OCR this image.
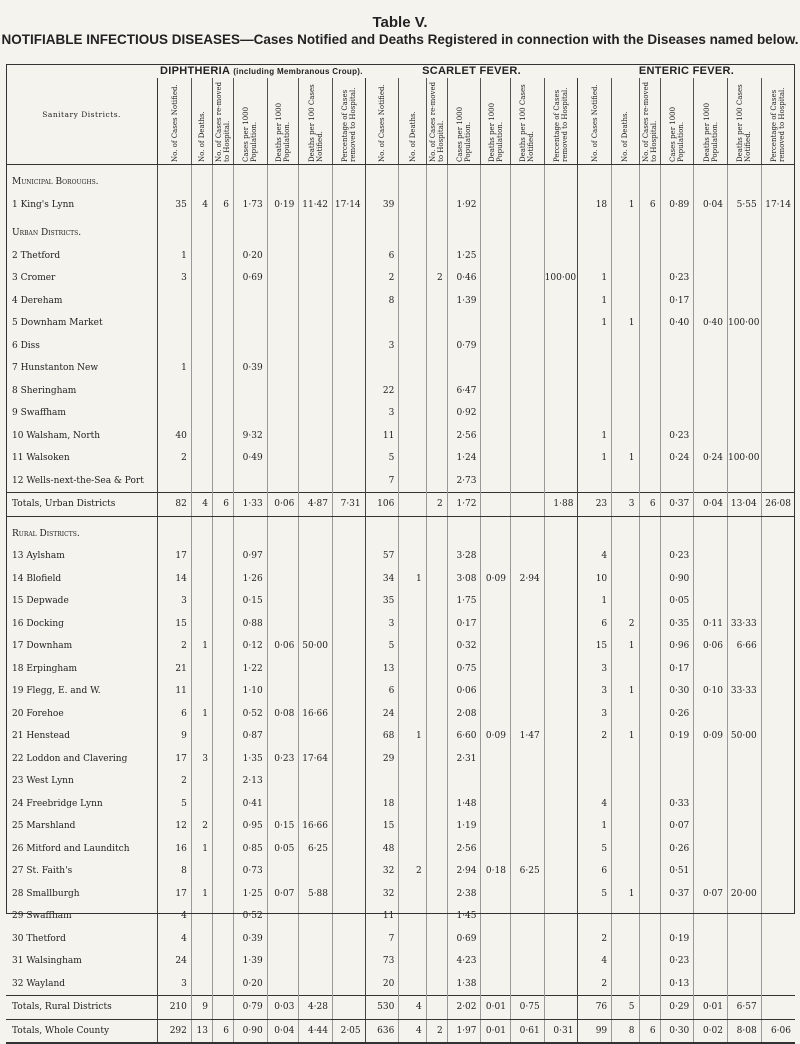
Table V.
NOTIFIABLE INFECTIOUS DISEASES—Cases Notified and Deaths Registered in connection with the Diseases named below.
Sanitary Districts.	DIPHTHERIA (including Membranous Croup).							SCARLET FEVER.							ENTERIC FEVER.						

	No. of Cases Notified.	No. of Deaths.	No. of Cases re-moved to Hospital.	Cases per 1000 Population.	Deaths per 1000 Population.	Deaths per 100 Cases Notified.	Percentage of Cases removed to Hospital.	No. of Cases Notified.	No. of Deaths.	No. of Cases re-moved to Hospital.	Cases per 1000 Population.	Deaths per 1000 Population.	Deaths per 100 Cases Notified.	Percentage of Cases removed to Hospital.	No. of Cases Notified.	No. of Deaths.	No. of Cases re-moved to Hospital.	Cases per 1000 Population.	Deaths per 1000 Population.	Deaths per 100 Cases Notified.	Percentage of Cases removed to Hospital.

Municipal Boroughs.																					
1 King's Lynn	35	4	6	1·73	0·19	11·42	17·14	39			1·92				18	1	6	0·89	0·04	5·55	17·14
Urban Districts.																					
2 Thetford	1			0·20				6			1·25										
3 Cromer	3			0·69				2		2	0·46			100·00	1			0·23			
4 Dereham								8			1·39				1			0·17			
5 Downham Market															1	1		0·40	0·40	100·00	
6 Diss								3			0·79										
7 Hunstanton New	1			0·39																	
8 Sheringham								22			6·47										
9 Swaffham								3			0·92										
10 Walsham, North	40			9·32				11			2·56				1			0·23			
11 Walsoken	2			0·49				5			1·24				1	1		0·24	0·24	100·00	
12 Wells-next-the-Sea & Port								7			2·73										
Totals, Urban Districts	82	4	6	1·33	0·06	4·87	7·31	106		2	1·72			1·88	23	3	6	0·37	0·04	13·04	26·08
Rural Districts.																					
13 Aylsham	17			0·97				57			3·28				4			0·23			
14 Blofield	14			1·26				34	1		3·08	0·09	2·94		10			0·90			
15 Depwade	3			0·15				35			1·75				1			0·05			
16 Docking	15			0·88				3			0·17				6	2		0·35	0·11	33·33	
17 Downham	2	1		0·12	0·06	50·00		5			0·32				15	1		0·96	0·06	6·66	
18 Erpingham	21			1·22				13			0·75				3			0·17			
19 Flegg, E. and W.	11			1·10				6			0·06				3	1		0·30	0·10	33·33	
20 Forehoe	6	1		0·52	0·08	16·66		24			2·08				3			0·26			
21 Henstead	9			0·87				68	1		6·60	0·09	1·47		2	1		0·19	0·09	50·00	
22 Loddon and Clavering	17	3		1·35	0·23	17·64		29			2·31										
23 West Lynn	2			2·13																	
24 Freebridge Lynn	5			0·41				18			1·48				4			0·33			
25 Marshland	12	2		0·95	0·15	16·66		15			1·19				1			0·07			
26 Mitford and Launditch	16	1		0·85	0·05	6·25		48			2·56				5			0·26			
27 St. Faith's	8			0·73				32	2		2·94	0·18	6·25		6			0·51			
28 Smallburgh	17	1		1·25	0·07	5·88		32			2·38				5	1		0·37	0·07	20·00	
29 Swaffham	4			0·52				11			1·45										
30 Thetford	4			0·39				7			0·69				2			0·19			
31 Walsingham	24			1·39				73			4·23				4			0·23			
32 Wayland	3			0·20				20			1·38				2			0·13			
Totals, Rural Districts	210	9		0·79	0·03	4·28		530	4		2·02	0·01	0·75		76	5		0·29	0·01	6·57	
Totals, Whole County	292	13	6	0·90	0·04	4·44	2·05	636	4	2	1·97	0·01	0·61	0·31	99	8	6	0·30	0·02	8·08	6·06
